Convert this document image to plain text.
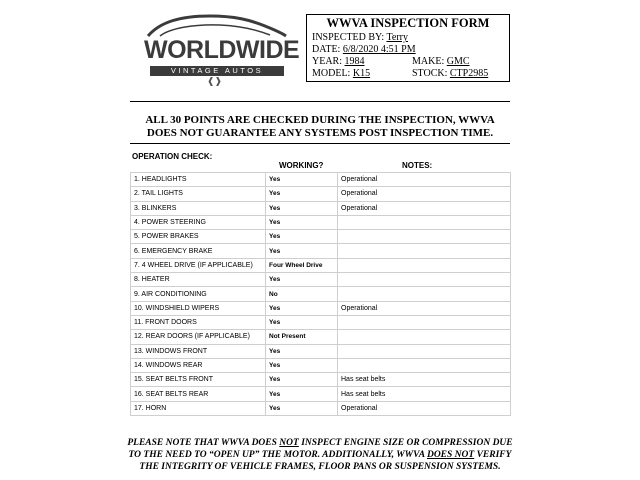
WORLDWIDE
VINTAGE AUTOS
❰❱
WWVA INSPECTION FORM
INSPECTED BY: Terry
DATE: 6/8/2020 4:51 PM
YEAR: 1984	MAKE: GMC
MODEL: K15	STOCK: CTP2985
ALL 30 POINTS ARE CHECKED DURING THE INSPECTION, WWVA DOES NOT GUARANTEE ANY SYSTEMS POST INSPECTION TIME.
OPERATION CHECK:
WORKING?	NOTES:
1. HEADLIGHTS	Yes	Operational
2. TAIL LIGHTS	Yes	Operational
3. BLINKERS	Yes	Operational
4. POWER STEERING	Yes	
5. POWER BRAKES	Yes	
6. EMERGENCY BRAKE	Yes	
7. 4 WHEEL DRIVE (IF APPLICABLE)	Four Wheel Drive	
8. HEATER	Yes	
9. AIR CONDITIONING	No	
10. WINDSHIELD WIPERS	Yes	Operational
11. FRONT DOORS	Yes	
12. REAR DOORS (IF APPLICABLE)	Not Present	
13. WINDOWS FRONT	Yes	
14. WINDOWS REAR	Yes	
15. SEAT BELTS FRONT	Yes	Has seat belts
16. SEAT BELTS REAR	Yes	Has seat belts
17. HORN	Yes	Operational
PLEASE NOTE THAT WWVA DOES NOT INSPECT ENGINE SIZE OR COMPRESSION DUE TO THE NEED TO “OPEN UP” THE MOTOR. ADDITIONALLY, WWVA DOES NOT VERIFY THE INTEGRITY OF VEHICLE FRAMES, FLOOR PANS OR SUSPENSION SYSTEMS.
